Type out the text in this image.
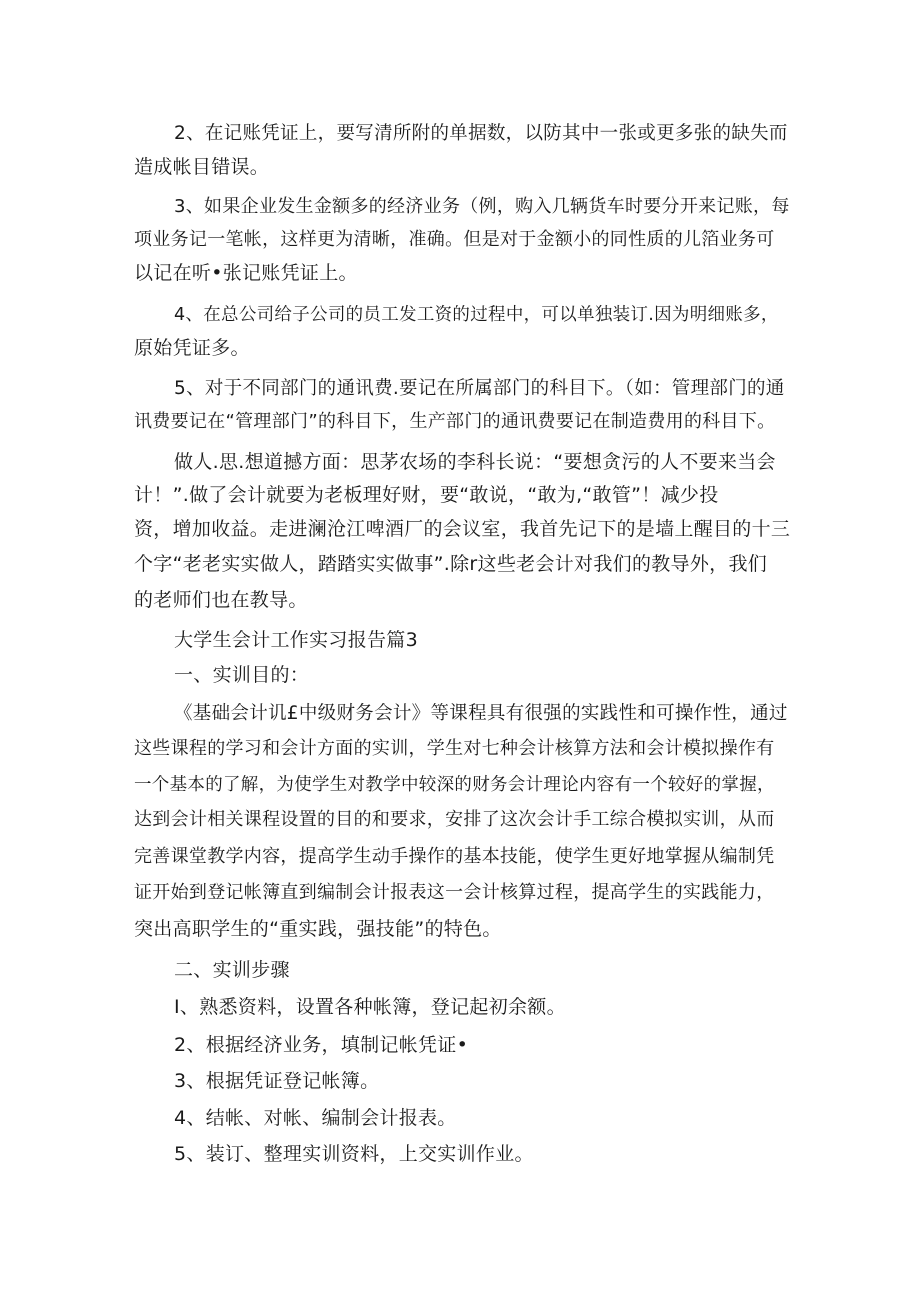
2、在记账凭证上，要写清所附的单据数，以防其中一张或更多张的缺失而

造成帐目错误。

3、如果企业发生金额多的经济业务（例，购入几辆货车时要分开来记账，每

项业务记一笔帐，这样更为清晰，准确。但是对于金额小的同性质的儿箔业务可

以记在听•张记账凭证上。

4、在总公司给子公司的员工发工资的过程中，可以单独装订.因为明细账多，

原始凭证多。

5、对于不同部门的通讯费.要记在所属部门的科目下。（如：管理部门的通

讯费要记在“管理部门”的科目下，生产部门的通讯费要记在制造费用的科目下。

做人.思.想道撼方面：思茅农场的李科长说：“要想贪污的人不要来当会

计！”.做了会计就要为老板理好财，要“敢说，“敢为,“敢管”！减少投

资，增加收益。走进澜沧江啤酒厂的会议室，我首先记下的是墙上醒目的十三

个字“老老实实做人，踏踏实实做事”.除r这些老会计对我们的教导外，我们

的老师们也在教导。

大学生会计工作实习报告篇3

一、实训目的：

《基础会计讥£中级财务会计》等课程具有很强的实践性和可操作性，通过

这些课程的学习和会计方面的实训，学生对七种会计核算方法和会计模拟操作有

一个基本的了解，为使学生对教学中较深的财务会计理论内容有一个较好的掌握，

达到会计相关课程设置的目的和要求，安排了这次会计手工综合模拟实训，从而

完善课堂教学内容，提高学生动手操作的基本技能，使学生更好地掌握从编制凭

证开始到登记帐簿直到编制会计报表这一会计核算过程，提高学生的实践能力，

突出高职学生的“重实践，强技能”的特色。

二、实训步骤

I、熟悉资料，设置各种帐簿，登记起初余额。

2、根据经济业务，填制记帐凭证•

3、根据凭证登记帐簿。

4、结帐、对帐、编制会计报表。

5、装订、整理实训资料，上交实训作业。
